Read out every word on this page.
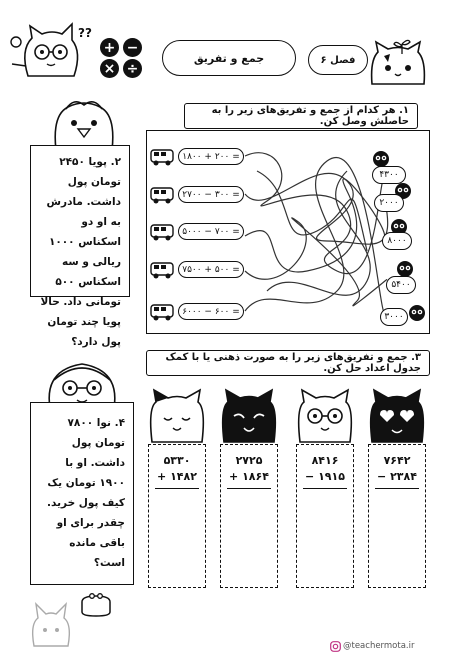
??
+ −
× ÷
جمع و تفریق	فصل ۶
۱. هر کدام از جمع و تفریق‌های زیر را به حاصلش وصل کن.
۲. پویا ۲۴۵۰ تومان پول داشت. مادرش به او دو اسکناس ۱۰۰۰ ریالی و سه اسکناس ۵۰۰ تومانی داد. حالا پویا چند تومان پول دارد؟
۱۸۰۰ + ۲۰۰ =
۲۷۰۰ − ۳۰۰ =
۵۰۰۰ − ۷۰۰ =
۷۵۰۰ + ۵۰۰ =
۶۰۰۰ − ۶۰۰ =
۴۳۰۰
۲۰۰۰
۸۰۰۰
۵۴۰۰
۳۰۰۰
۳. جمع و تفریق‌های زیر را به صورت ذهنی یا با کمک جدول اعداد حل کن.
۴. نوا ۷۸۰۰ تومان پول داشت. او با ۱۹۰۰ تومان یک کیف پول خرید. چقدر برای او باقی مانده است؟
۵۳۳۰
+ ۱۴۸۲
۲۷۲۵
+ ۱۸۶۴
۸۴۱۶
− ۱۹۱۵
۷۶۴۲
− ۲۳۸۴
@teachermota.ir
